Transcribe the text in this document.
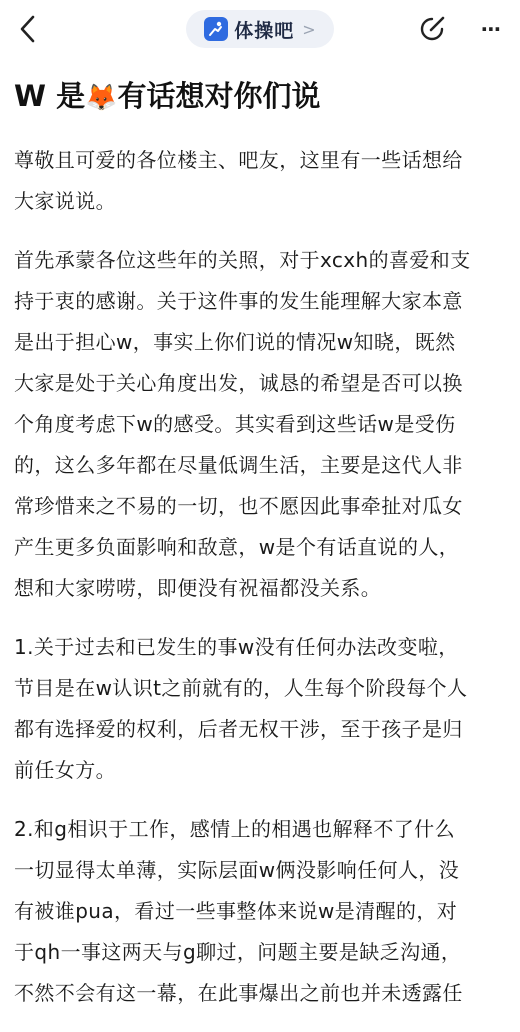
体操吧 >	⋯
W 是🦊有话想对你们说

尊敬且可爱的各位楼主、吧友，这里有一些话想给
大家说说。

首先承蒙各位这些年的关照，对于xcxh的喜爱和支
持于衷的感谢。关于这件事的发生能理解大家本意
是出于担心w，事实上你们说的情况w知晓，既然
大家是处于关心角度出发，诚恳的希望是否可以换
个角度考虑下w的感受。其实看到这些话w是受伤
的，这么多年都在尽量低调生活，主要是这代人非
常珍惜来之不易的一切，也不愿因此事牵扯对瓜女
产生更多负面影响和敌意，w是个有话直说的人，
想和大家唠唠，即便没有祝福都没关系。

1.关于过去和已发生的事w没有任何办法改变啦，
节目是在w认识t之前就有的，人生每个阶段每个人
都有选择爱的权利，后者无权干涉，至于孩子是归
前任女方。

2.和g相识于工作，感情上的相遇也解释不了什么
一切显得太单薄，实际层面w俩没影响任何人，没
有被谁pua，看过一些事整体来说w是清醒的，对
于qh一事这两天与g聊过，问题主要是缺乏沟通，
不然不会有这一幕，在此事爆出之前也并未透露任
